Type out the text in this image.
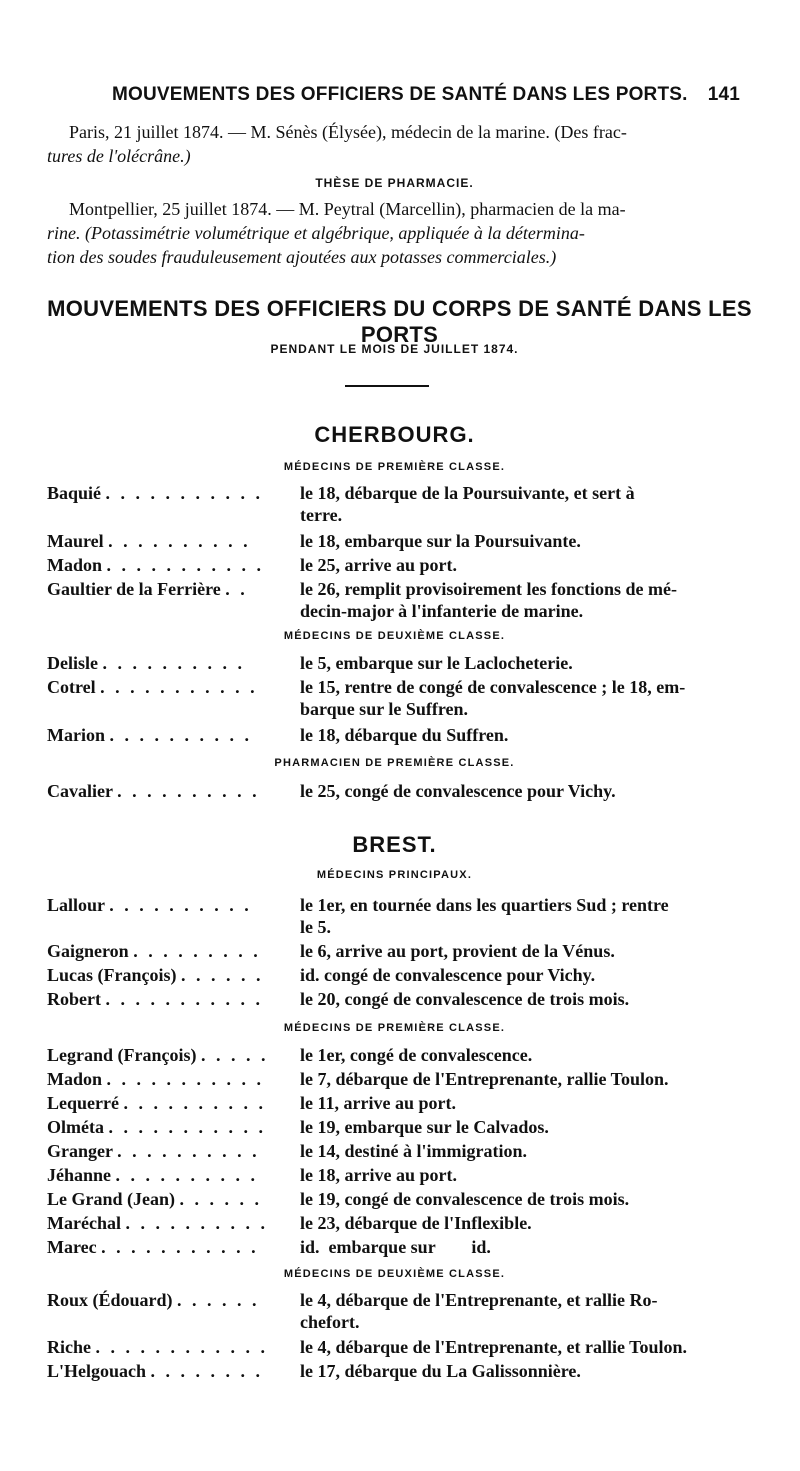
MOUVEMENTS DES OFFICIERS DE SANTÉ DANS LES PORTS. 141
Paris, 21 juillet 1874. — M. Sénès (Élysée), médecin de la marine. (Des frac-
tures de l'olécrâne.)
THÈSE DE PHARMACIE.
Montpellier, 25 juillet 1874. — M. Peytral (Marcellin), pharmacien de la ma-
rine. (Potassimétrie volumétrique et algébrique, appliquée à la détermina-
tion des soudes frauduleusement ajoutées aux potasses commerciales.)
MOUVEMENTS DES OFFICIERS DU CORPS DE SANTÉ DANS LES PORTS
PENDANT LE MOIS DE JUILLET 1874.
CHERBOURG.
MÉDECINS DE PREMIÈRE CLASSE.
Baquié . . . . . . . . . . .	le 18, débarque de la Poursuivante, et sert à
terre.
Maurel . . . . . . . . . .	le 18, embarque sur la Poursuivante.
Madon . . . . . . . . . . .	le 25, arrive au port.
Gaultier de la Ferrière . .	le 26, remplit provisoirement les fonctions de mé-
decin-major à l'infanterie de marine.
MÉDECINS DE DEUXIÈME CLASSE.
Delisle . . . . . . . . . .	le 5, embarque sur le Laclocheterie.
Cotrel . . . . . . . . . . .	le 15, rentre de congé de convalescence ; le 18, em-
barque sur le Suffren.
Marion . . . . . . . . . .	le 18, débarque du Suffren.
PHARMACIEN DE PREMIÈRE CLASSE.
Cavalier . . . . . . . . . .	le 25, congé de convalescence pour Vichy.
BREST.
MÉDECINS PRINCIPAUX.
Lallour . . . . . . . . . .	le 1er, en tournée dans les quartiers Sud ; rentre
le 5.
Gaigneron . . . . . . . . .	le 6, arrive au port, provient de la Vénus.
Lucas (François) . . . . . .	id. congé de convalescence pour Vichy.
Robert . . . . . . . . . . .	le 20, congé de convalescence de trois mois.
MÉDECINS DE PREMIÈRE CLASSE.
Legrand (François) . . . . .	le 1er, congé de convalescence.
Madon . . . . . . . . . . .	le 7, débarque de l'Entreprenante, rallie Toulon.
Lequerré . . . . . . . . . .	le 11, arrive au port.
Olméta . . . . . . . . . . .	le 19, embarque sur le Calvados.
Granger . . . . . . . . . .	le 14, destiné à l'immigration.
Jéhanne . . . . . . . . . .	le 18, arrive au port.
Le Grand (Jean) . . . . . .	le 19, congé de convalescence de trois mois.
Maréchal . . . . . . . . . .	le 23, débarque de l'Inflexible.
Marec . . . . . . . . . . .	id.  embarque sur        id.
MÉDECINS DE DEUXIÈME CLASSE.
Roux (Édouard) . . . . . .	le 4, débarque de l'Entreprenante, et rallie Ro-
chefort.
Riche . . . . . . . . . . . .	le 4, débarque de l'Entreprenante, et rallie Toulon.
L'Helgouach . . . . . . . .	le 17, débarque du La Galissonnière.
